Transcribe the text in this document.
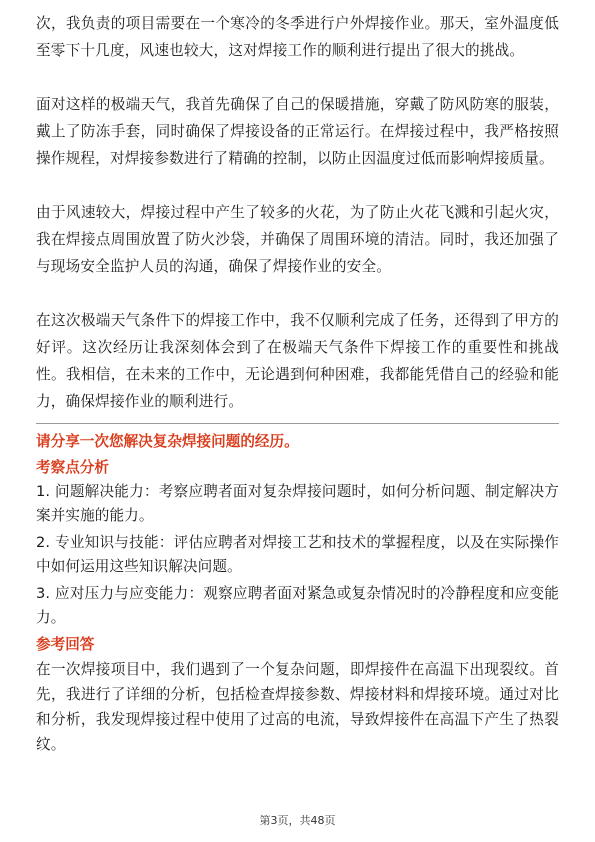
次，我负责的项目需要在一个寒冷的冬季进行户外焊接作业。那天，室外温度低至零下十几度，风速也较大，这对焊接工作的顺利进行提出了很大的挑战。

面对这样的极端天气，我首先确保了自己的保暖措施，穿戴了防风防寒的服装，戴上了防冻手套，同时确保了焊接设备的正常运行。在焊接过程中，我严格按照操作规程，对焊接参数进行了精确的控制，以防止因温度过低而影响焊接质量。

由于风速较大，焊接过程中产生了较多的火花，为了防止火花飞溅和引起火灾，我在焊接点周围放置了防火沙袋，并确保了周围环境的清洁。同时，我还加强了与现场安全监护人员的沟通，确保了焊接作业的安全。

在这次极端天气条件下的焊接工作中，我不仅顺利完成了任务，还得到了甲方的好评。这次经历让我深刻体会到了在极端天气条件下焊接工作的重要性和挑战性。我相信，在未来的工作中，无论遇到何种困难，我都能凭借自己的经验和能力，确保焊接作业的顺利进行。

请分享一次您解决复杂焊接问题的经历。

考察点分析

1. 问题解决能力：考察应聘者面对复杂焊接问题时，如何分析问题、制定解决方案并实施的能力。

2. 专业知识与技能：评估应聘者对焊接工艺和技术的掌握程度，以及在实际操作中如何运用这些知识解决问题。

3. 应对压力与应变能力：观察应聘者面对紧急或复杂情况时的冷静程度和应变能力。

参考回答

在一次焊接项目中，我们遇到了一个复杂问题，即焊接件在高温下出现裂纹。首先，我进行了详细的分析，包括检查焊接参数、焊接材料和焊接环境。通过对比和分析，我发现焊接过程中使用了过高的电流，导致焊接件在高温下产生了热裂纹。

第3页，共48页
